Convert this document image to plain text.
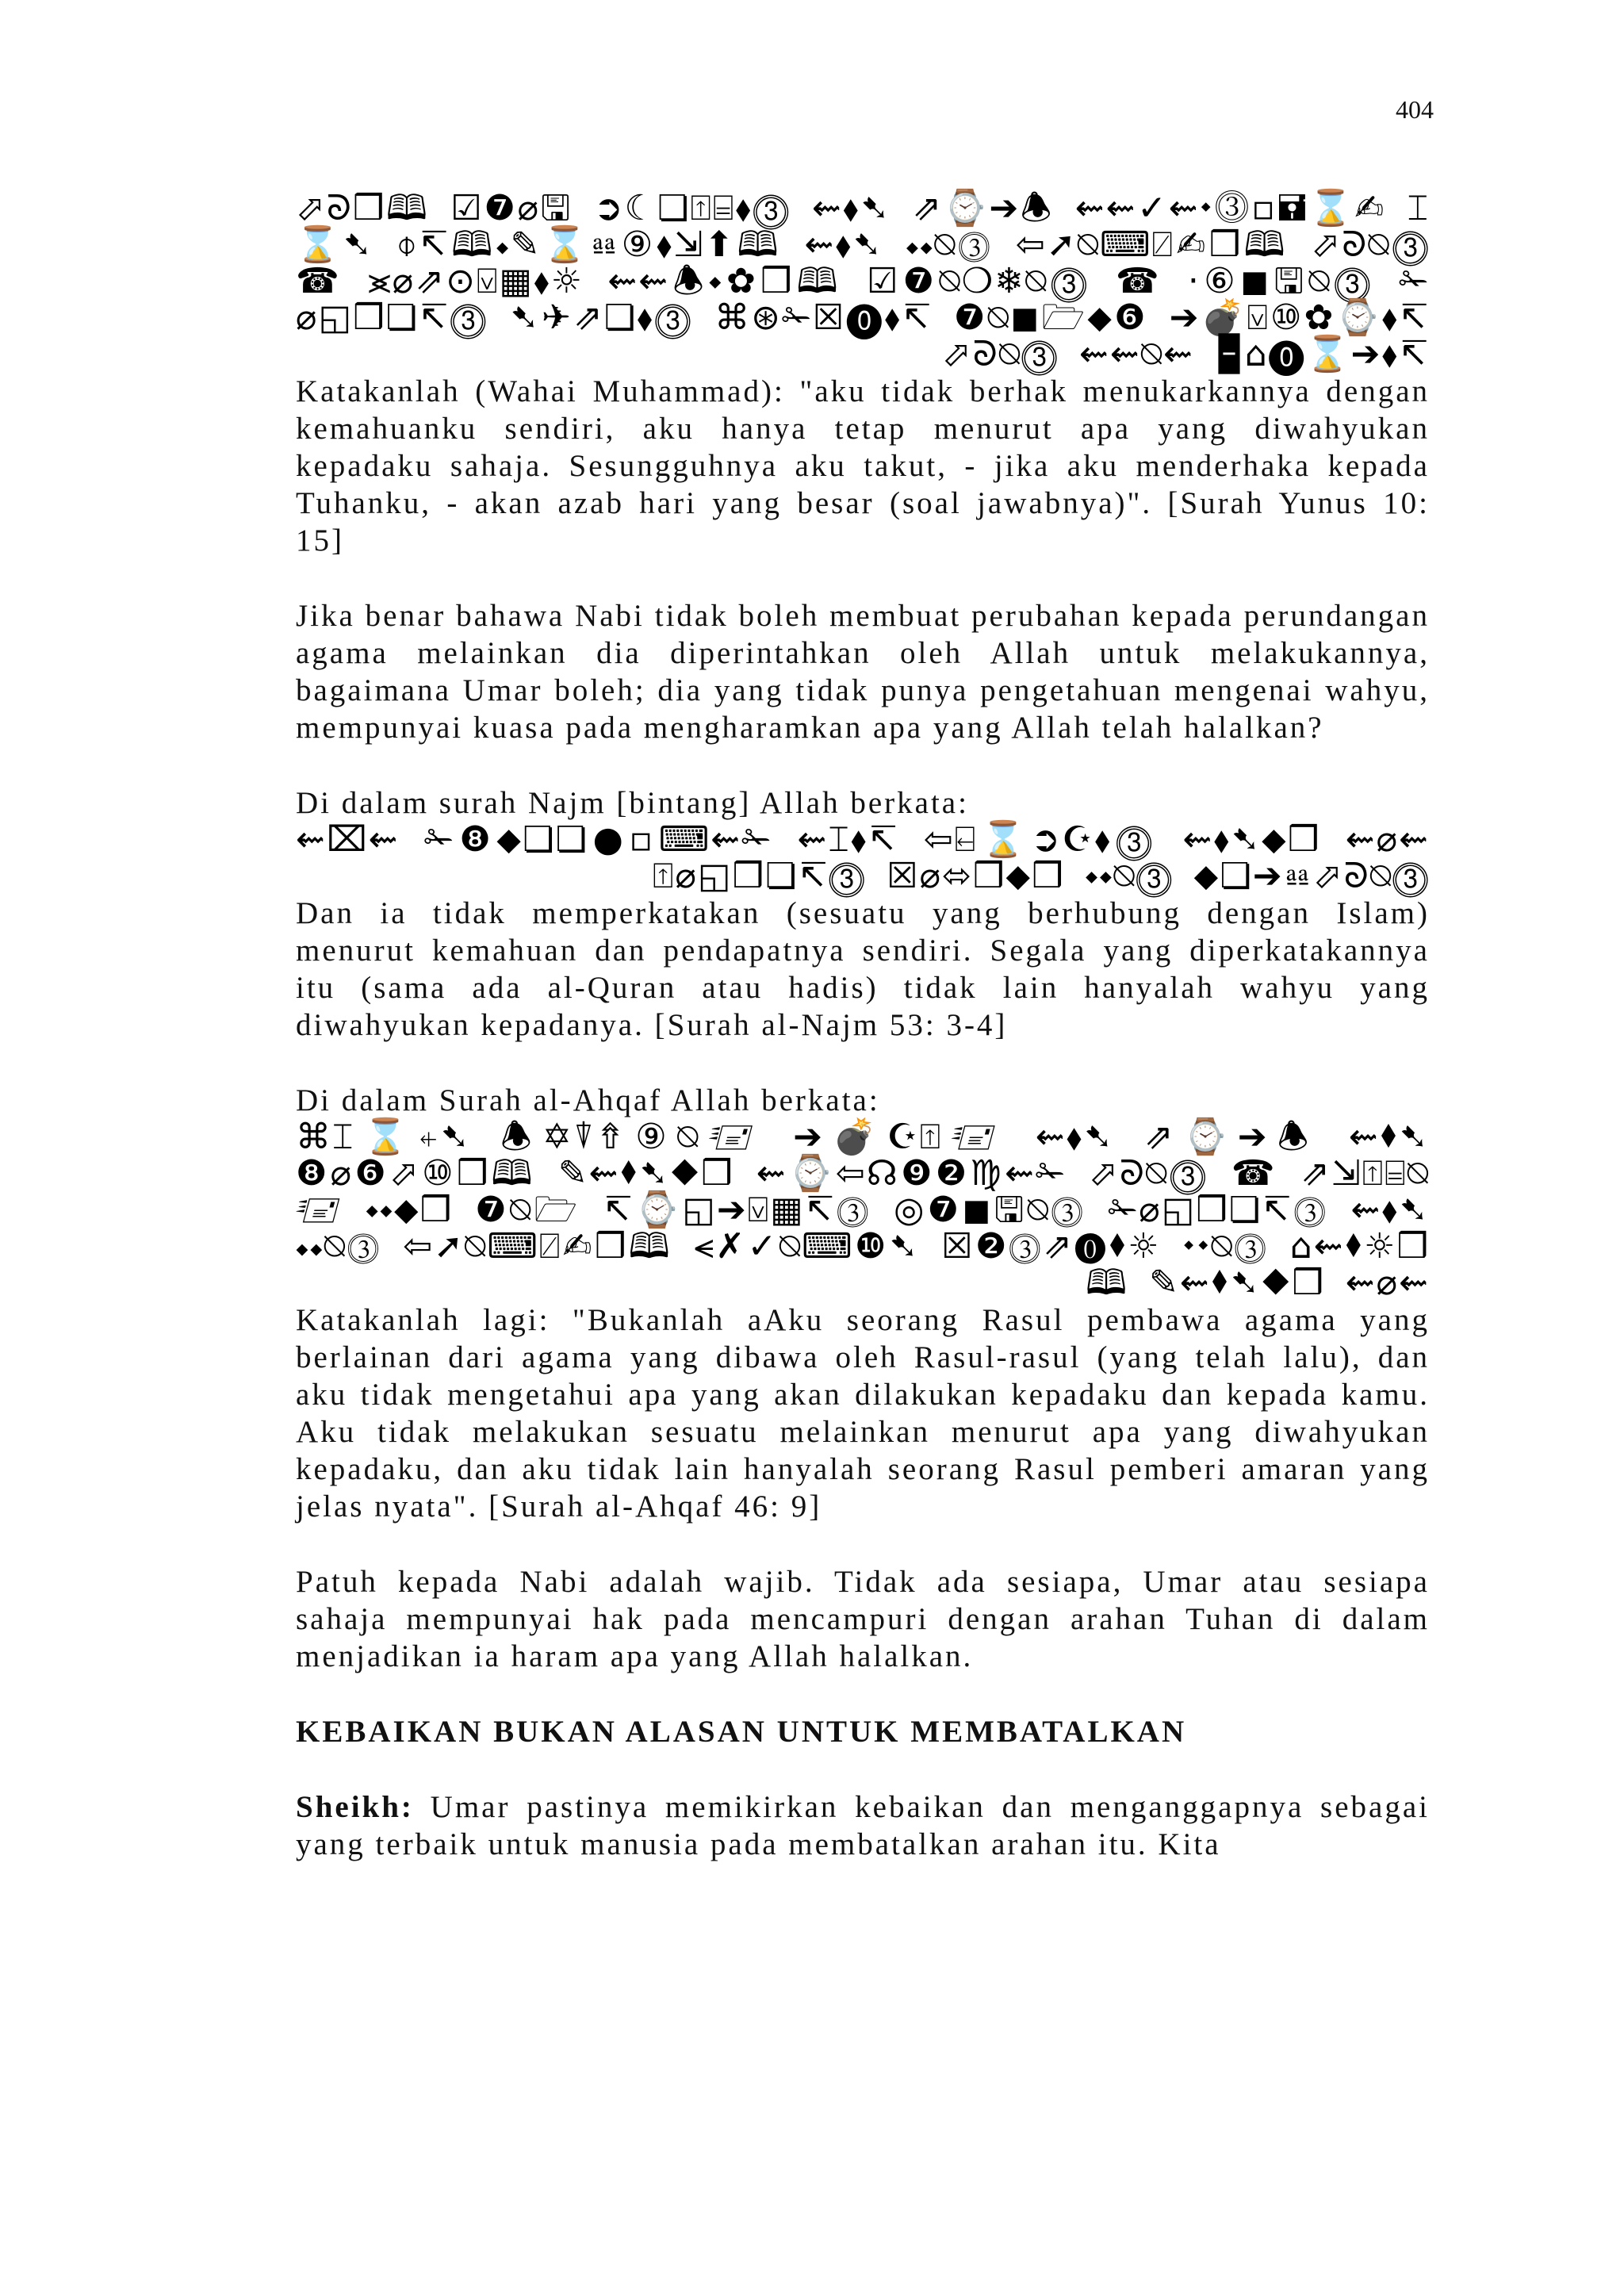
404

⬀ᘐ❒🕮 ☑❼⌀🖫 ➲☾❏⍐⌸⬧⓷ ⇜⬧➷ ⇗⌚➔🕭 ⇜⇜✓⇜⬩⓷▫🖬⌛✍ ⌶⌛➷ ⌽↸🕮⬩✎⌛⎂⑨⬧⇲⬆🕮 ⇜⬧➷ ⬩⬩⍉⓷ ⇦➚⍉⌨⍁✍❒🕮 ⬀ᘐ⍉⓷ ☎ ⪤⌀⇗⊙⍌▦⬧☼ ⇜⇜🕭⬩✿❒🕮 ☑❼⍉❍❄⍉⓷ ☎ ⋅⑥◼🖫⍉⓷ ✁⌀◱❒❏↸⓷ ➷✈⇗❏⬧⓷ ⌘⊛✁☒⓿⬧↸ ❼⍉◼🗁⬥❻ ➔💣⍌⑩✿⌚⬧↸ ⬀ᘐ⍉⓷ ⇜⇜⍉⇜ 🁢⌂⓿⌛➔⬧↸

Katakanlah (Wahai Muhammad): "aku tidak berhak menukarkannya dengan kemahuanku sendiri, aku hanya tetap menurut apa yang diwahyukan kepadaku sahaja. Sesungguhnya aku takut, - jika aku menderhaka kepada Tuhanku, - akan azab hari yang besar (soal jawabnya)". [Surah Yunus 10: 15]

Jika benar bahawa Nabi tidak boleh membuat perubahan kepada perundangan agama melainkan dia diperintahkan oleh Allah untuk melakukannya, bagaimana Umar boleh; dia yang tidak punya pengetahuan mengenai wahyu, mempunyai kuasa pada mengharamkan apa yang Allah telah halalkan?

Di dalam surah Najm [bintang] Allah berkata:

⇜⌧⇜ ✁❽⬥❏❏●▫⌨⇜✁ ⇜⌶⬧↸ ⇦⍇⌛➲☪⬧⓷ ⇜⬧➷⬥❒ ⇜⌀⇜ ⍐⌀◱❒❏↸⓷ ☒⌀⬄❒⬥❒ ⬩⬩⍉⓷ ⬥❏➔⎂⬀ᘐ⍉⓷

Dan ia tidak memperkatakan (sesuatu yang berhubung dengan Islam) menurut kemahuan dan pendapatnya sendiri. Segala yang diperkatakannya itu (sama ada al-Quran atau hadis) tidak lain hanyalah wahyu yang diwahyukan kepadanya. [Surah al-Najm 53: 3-4]

Di dalam Surah al-Ahqaf Allah berkata:

⌘⌶⌛⍅➷ 🕭✡⍒⇮⑨⍉🖅 ➔💣☪⍐🖅 ⇜⬧➷ ⇗⌚➔🕭 ⇜⬧➷ ❽⌀❻⬀⑩❒🕮 ✎⇜⬧➷⬥❒ ⇜⌚⇦☊❾❷♍⇜✁ ⬀ᘐ⍉⓷ ☎ ⇗⇲⍐⌸⍉🖅 ⬩⬩⬥❒ ❼⍉🗁 ↸⌚◱➔⍌▦↸⓷ ◎❼◼🖫⍉⓷ ✁⌀◱❒❏↸⓷ ⇜⬧➷ ⬩⬩⍉⓷ ⇦➚⍉⌨⍁✍❒🕮 ⪪✗✓⍉⌨❿➷ ☒❷⓷⇗⓿⬧☼ ⬩⬩⍉⓷ ⌂⇜⬧☼❒🕮 ✎⇜⬧➷⬥❒ ⇜⌀⇜

Katakanlah lagi: "Bukanlah aAku seorang Rasul pembawa agama yang berlainan dari agama yang dibawa oleh Rasul-rasul (yang telah lalu), dan aku tidak mengetahui apa yang akan dilakukan kepadaku dan kepada kamu. Aku tidak melakukan sesuatu melainkan menurut apa yang diwahyukan kepadaku, dan aku tidak lain hanyalah seorang Rasul pemberi amaran yang jelas nyata". [Surah al-Ahqaf 46: 9]

Patuh kepada Nabi adalah wajib. Tidak ada sesiapa, Umar atau sesiapa sahaja mempunyai hak pada mencampuri dengan arahan Tuhan di dalam menjadikan ia haram apa yang Allah halalkan.

KEBAIKAN BUKAN ALASAN UNTUK MEMBATALKAN

Sheikh: Umar pastinya memikirkan kebaikan dan menganggapnya sebagai yang terbaik untuk manusia pada membatalkan arahan itu. Kita
